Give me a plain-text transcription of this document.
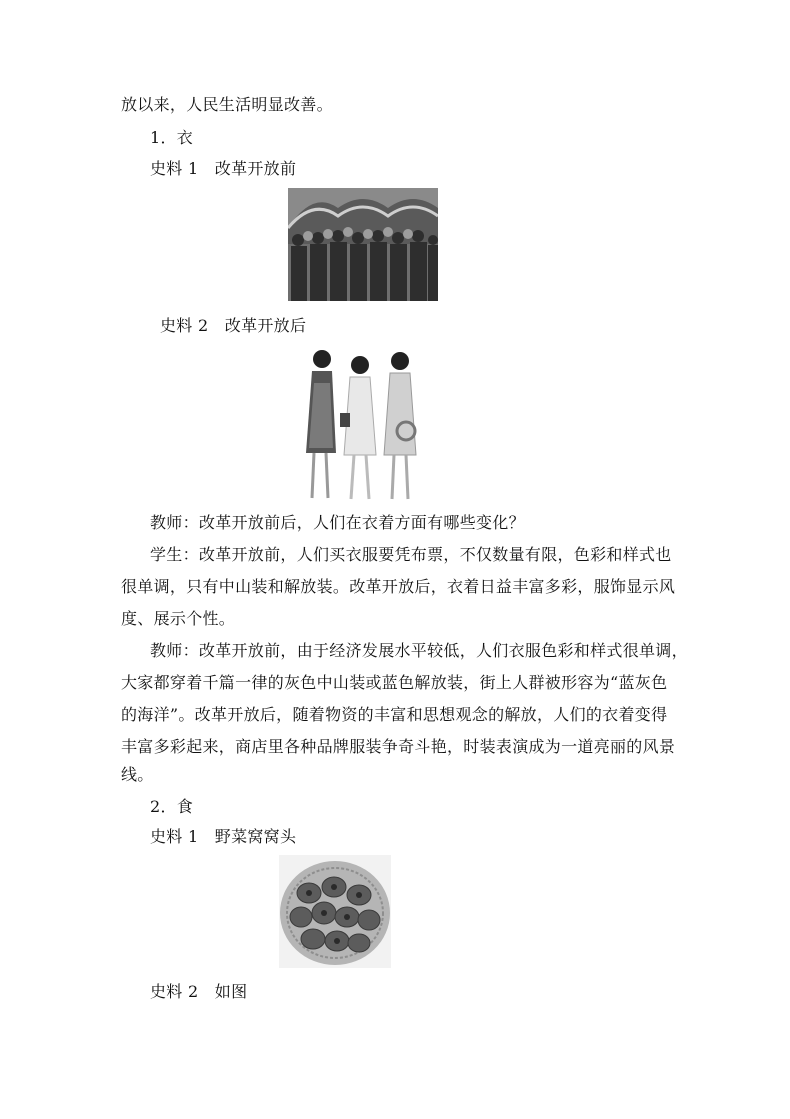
放以来，人民生活明显改善。
1．衣
史料 1　改革开放前
史料 2　改革开放后
教师：改革开放前后，人们在衣着方面有哪些变化？
学生：改革开放前，人们买衣服要凭布票，不仅数量有限，色彩和样式也
很单调，只有中山装和解放装。改革开放后，衣着日益丰富多彩，服饰显示风
度、展示个性。
教师：改革开放前，由于经济发展水平较低，人们衣服色彩和样式很单调，
大家都穿着千篇一律的灰色中山装或蓝色解放装，街上人群被形容为“蓝灰色
的海洋”。改革开放后，随着物资的丰富和思想观念的解放，人们的衣着变得
丰富多彩起来，商店里各种品牌服装争奇斗艳，时装表演成为一道亮丽的风景
线。
2．食
史料 1　野菜窝窝头
史料 2　如图
